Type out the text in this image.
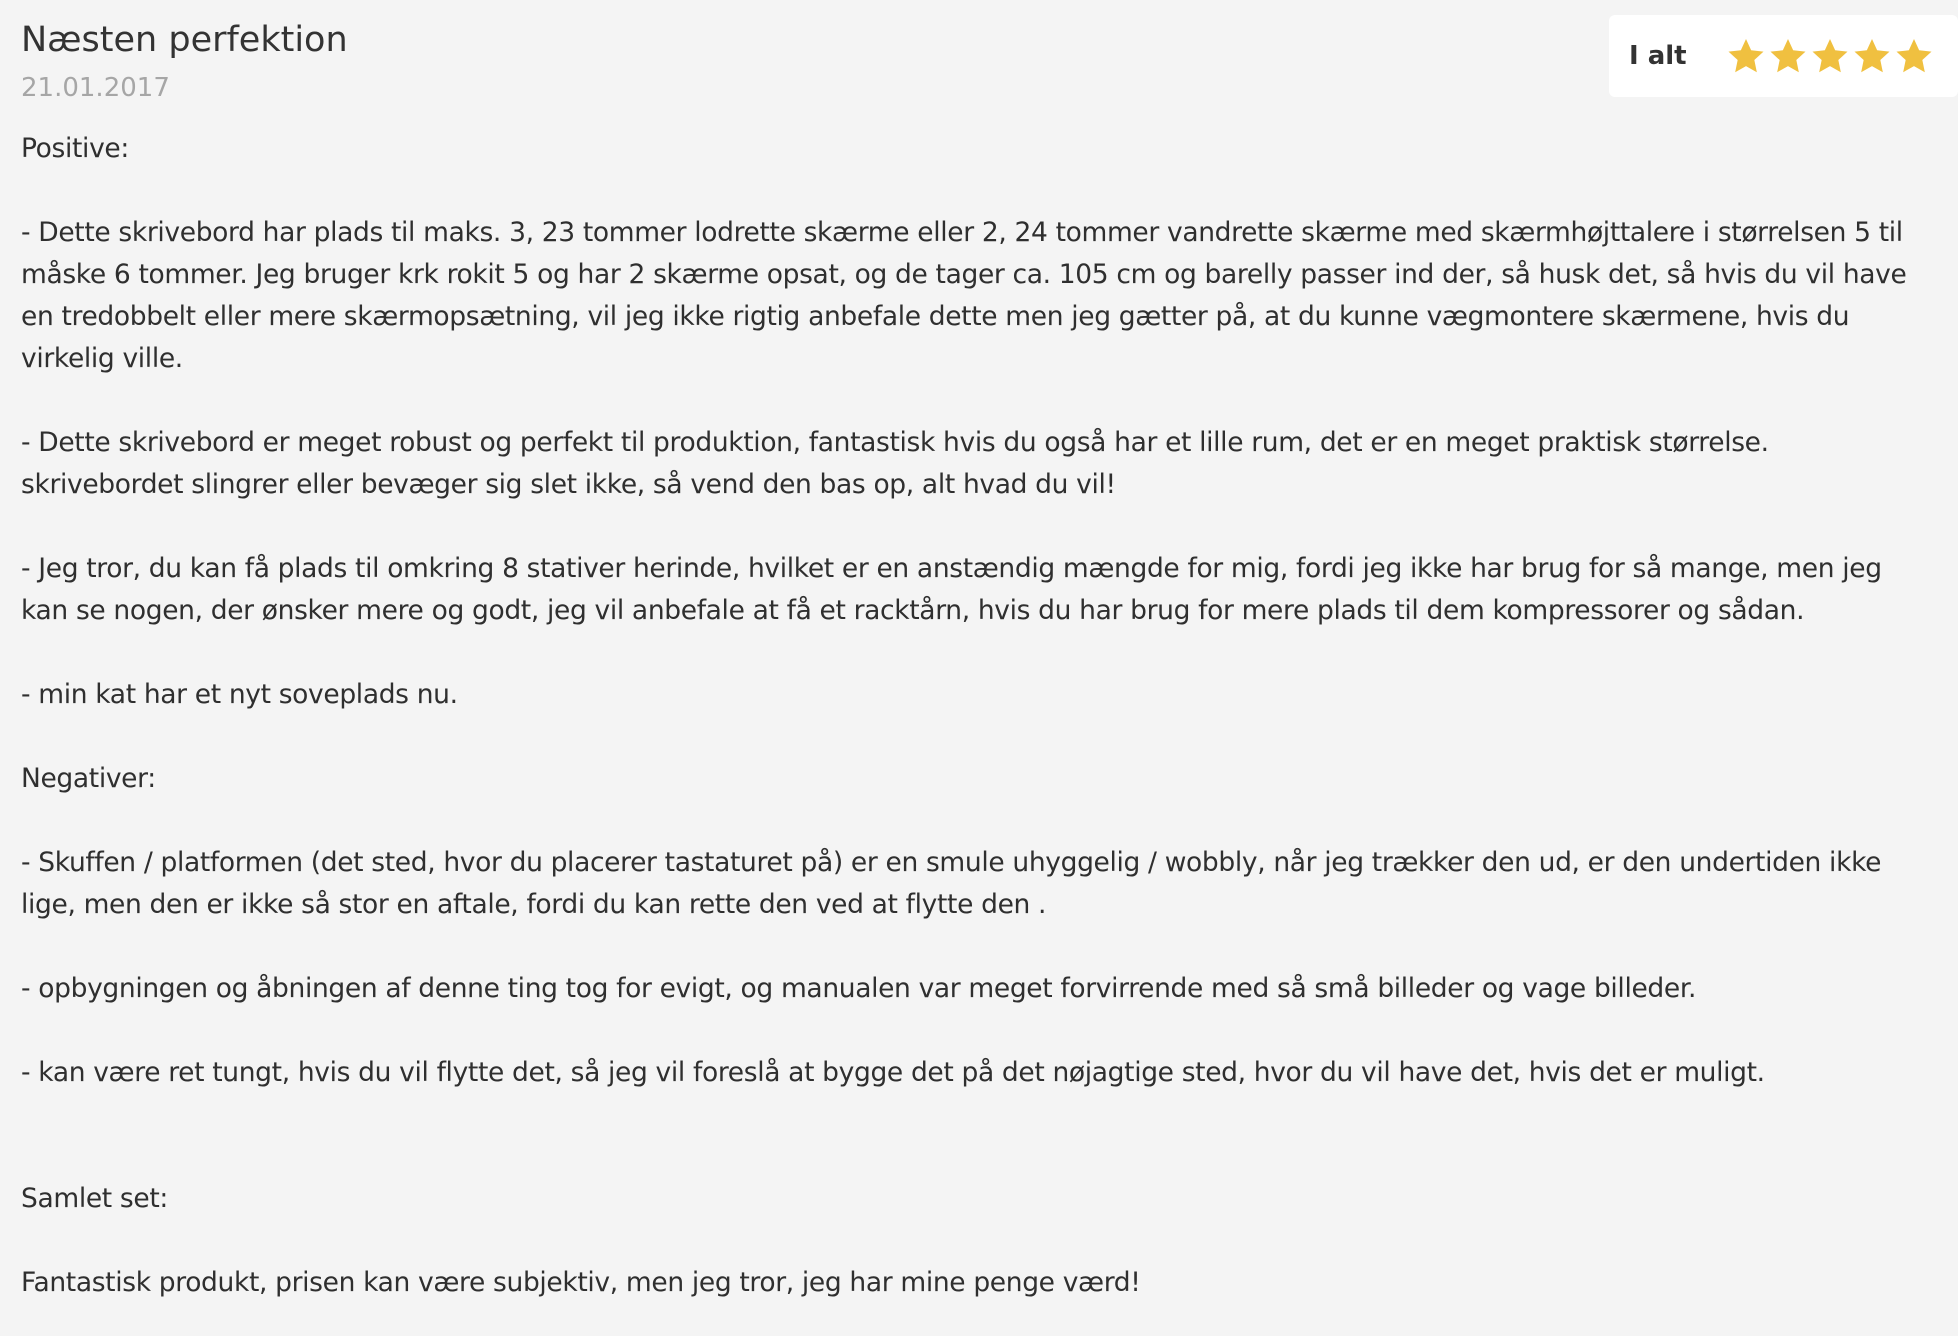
Næsten perfektion
21.01.2017
I alt

Positive:

- Dette skrivebord har plads til maks. 3, 23 tommer lodrette skærme eller 2, 24 tommer vandrette skærme med skærmhøjttalere i størrelsen 5 til måske 6 tommer. Jeg bruger krk rokit 5 og har 2 skærme opsat, og de tager ca. 105 cm og barelly passer ind der, så husk det, så hvis du vil have en tredobbelt eller mere skærmopsætning, vil jeg ikke rigtig anbefale dette men jeg gætter på, at du kunne vægmontere skærmene, hvis du virkelig ville.

- Dette skrivebord er meget robust og perfekt til produktion, fantastisk hvis du også har et lille rum, det er en meget praktisk størrelse. skrivebordet slingrer eller bevæger sig slet ikke, så vend den bas op, alt hvad du vil!

- Jeg tror, du kan få plads til omkring 8 stativer herinde, hvilket er en anstændig mængde for mig, fordi jeg ikke har brug for så mange, men jeg kan se nogen, der ønsker mere og godt, jeg vil anbefale at få et racktårn, hvis du har brug for mere plads til dem kompressorer og sådan.

- min kat har et nyt soveplads nu.

Negativer:

- Skuffen / platformen (det sted, hvor du placerer tastaturet på) er en smule uhyggelig / wobbly, når jeg trækker den ud, er den undertiden ikke lige, men den er ikke så stor en aftale, fordi du kan rette den ved at flytte den .

- opbygningen og åbningen af denne ting tog for evigt, og manualen var meget forvirrende med så små billeder og vage billeder.

- kan være ret tungt, hvis du vil flytte det, så jeg vil foreslå at bygge det på det nøjagtige sted, hvor du vil have det, hvis det er muligt.

Samlet set:

Fantastisk produkt, prisen kan være subjektiv, men jeg tror, jeg har mine penge værd!
